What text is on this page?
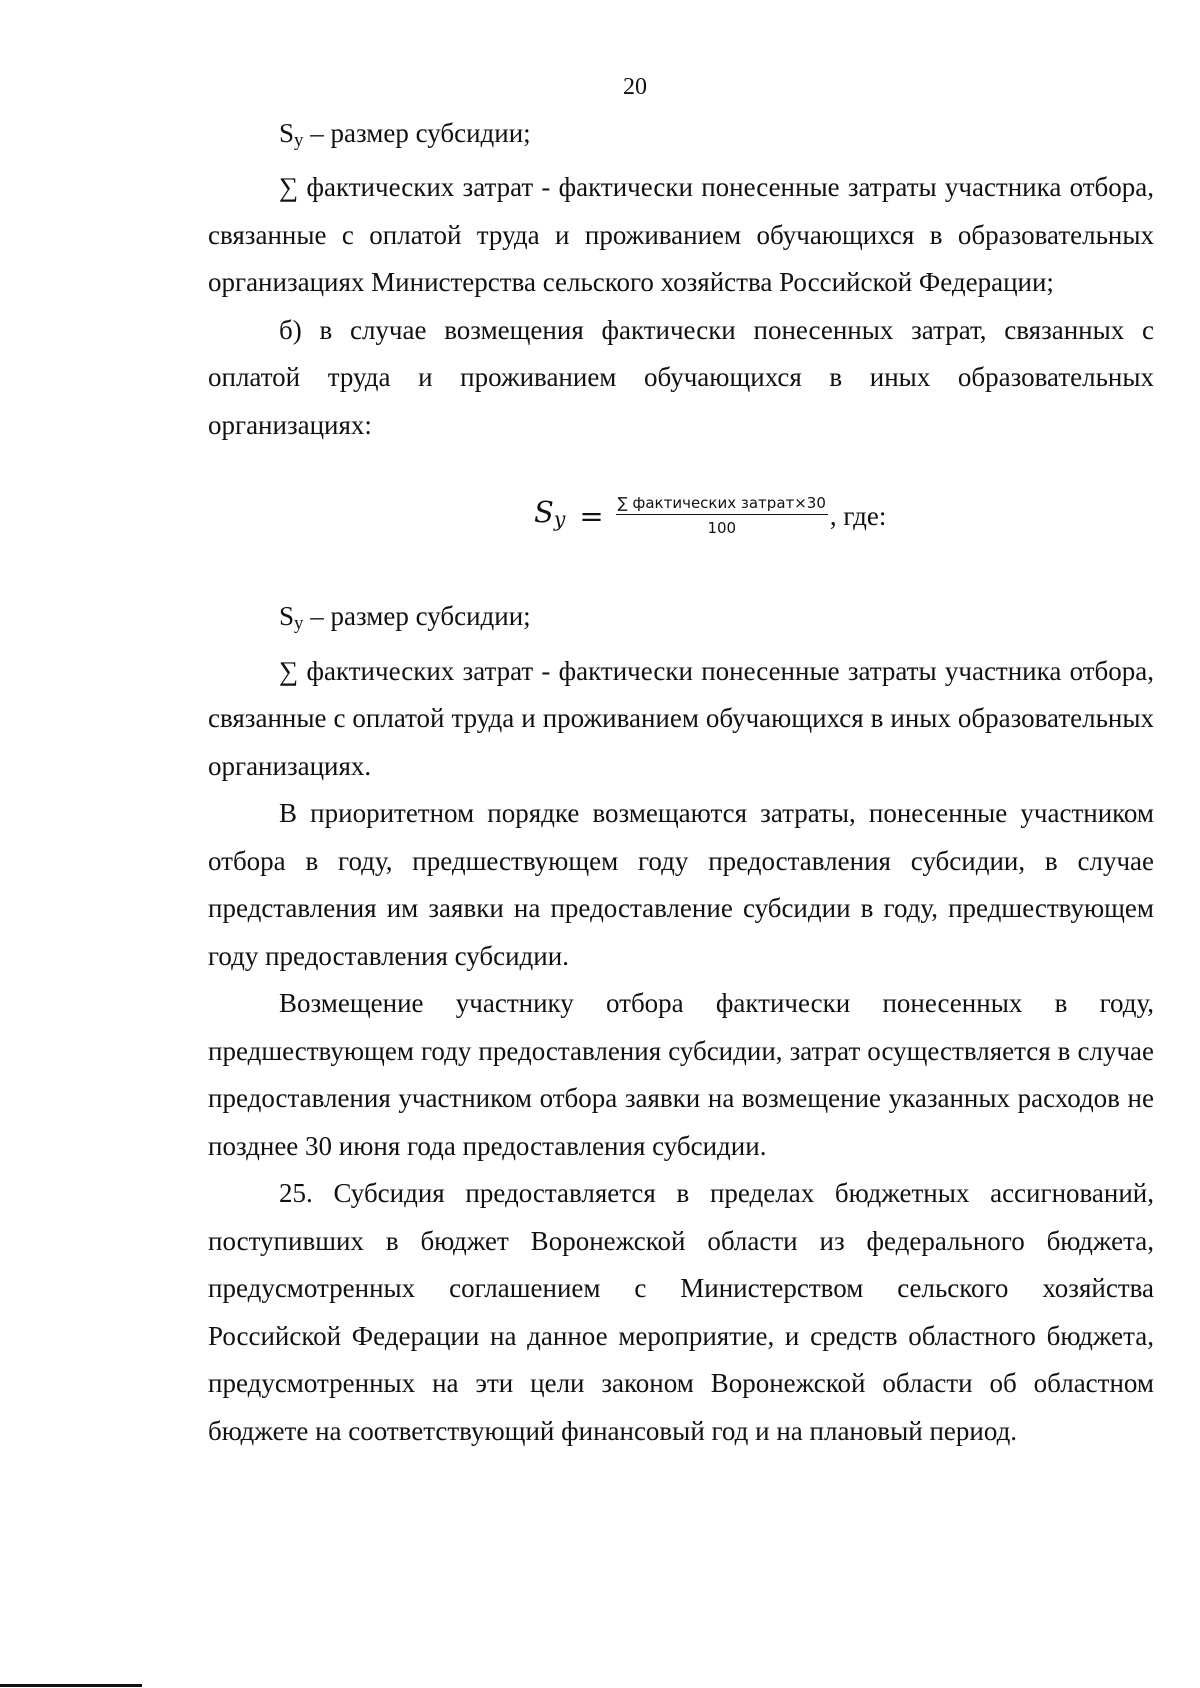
20

$S_у$ – размер субсидии;

∑ фактических затрат - фактически понесенные затраты участника отбора, связанные с оплатой труда и проживанием обучающихся в образовательных организациях Министерства сельского хозяйства Российской Федерации;

б) в случае возмещения фактически понесенных затрат, связанных с оплатой труда и проживанием обучающихся в иных образовательных организациях:

$Sy = \frac{\text{∑ фактических затрат×30}}{100}$ , где:

$S_у$ – размер субсидии;

∑ фактических затрат - фактически понесенные затраты участника отбора, связанные с оплатой труда и проживанием обучающихся в иных образовательных организациях.

В приоритетном порядке возмещаются затраты, понесенные участником отбора в году, предшествующем году предоставления субсидии, в случае представления им заявки на предоставление субсидии в году, предшествующем году предоставления субсидии.

Возмещение участнику отбора фактически понесенных в году, предшествующем году предоставления субсидии, затрат осуществляется в случае предоставления участником отбора заявки на возмещение указанных расходов не позднее 30 июня года предоставления субсидии.

25. Субсидия предоставляется в пределах бюджетных ассигнований, поступивших в бюджет Воронежской области из федерального бюджета, предусмотренных соглашением с Министерством сельского хозяйства Российской Федерации на данное мероприятие, и средств областного бюджета, предусмотренных на эти цели законом Воронежской области об областном бюджете на соответствующий финансовый год и на плановый период.
